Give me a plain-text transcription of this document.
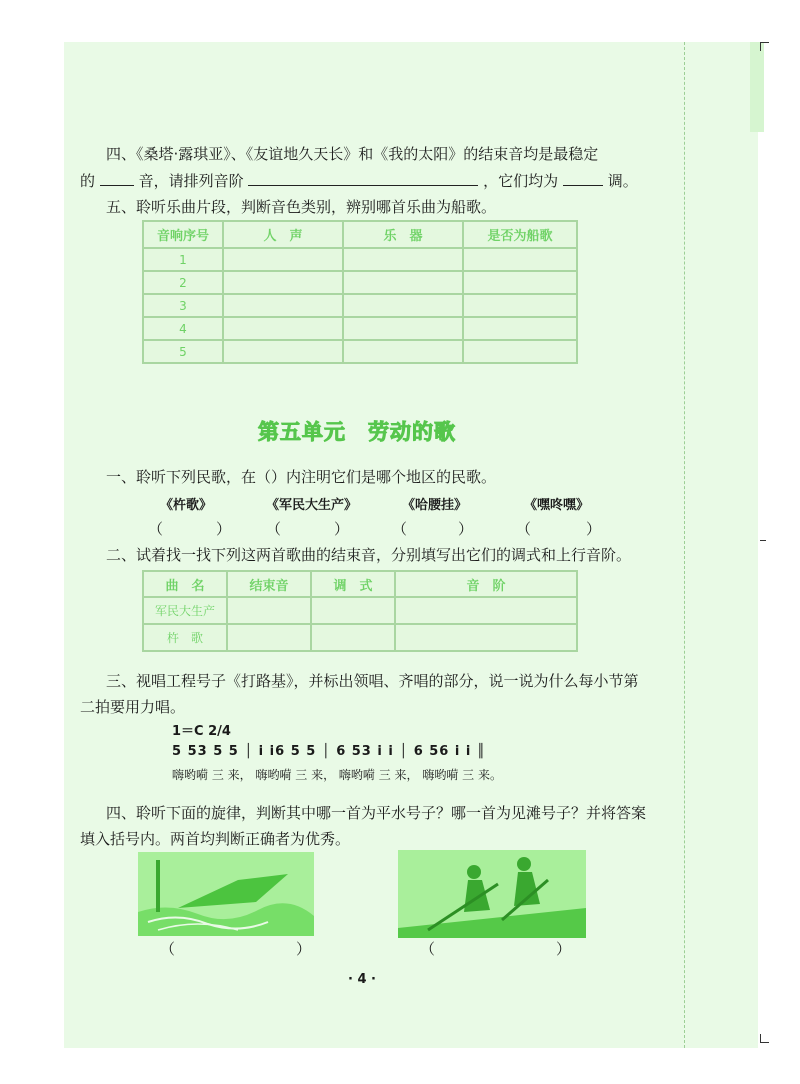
四、《桑塔·露琪亚》、《友谊地久天长》和《我的太阳》的结束音均是最稳定
的	音，请排列音阶	，它们均为	调。
五、聆听乐曲片段，判断音色类别，辨别哪首乐曲为船歌。
音响序号	人　声	乐　器	是否为船歌
1			
2			
3			
4			
5			
第五单元　劳动的歌
一、聆听下列民歌，在（）内注明它们是哪个地区的民歌。
《杵歌》	《军民大生产》	《哈腰挂》	《嘿咚嘿》
（	） （	）	（	）	（	）
二、试着找一找下列这两首歌曲的结束音，分别填写出它们的调式和上行音阶。
曲　名	结束音	调　式	音　阶
军民大生产			
杵　歌			
三、视唱工程号子《打路基》，并标出领唱、齐唱的部分，说一说为什么每小节第
二拍要用力唱。
1＝C 2/4
5 53 5 5 │ i i6 5 5 │ 6 53 i i │ 6 56 i i ║
嗨哟嗬 三 来， 嗨哟嗬 三 来， 嗨哟嗬 三 来， 嗨哟嗬 三 来。
四、聆听下面的旋律，判断其中哪一首为平水号子？哪一首为见滩号子？并将答案
填入括号内。两首均判断正确者为优秀。
（	）	（	）
· 4 ·
